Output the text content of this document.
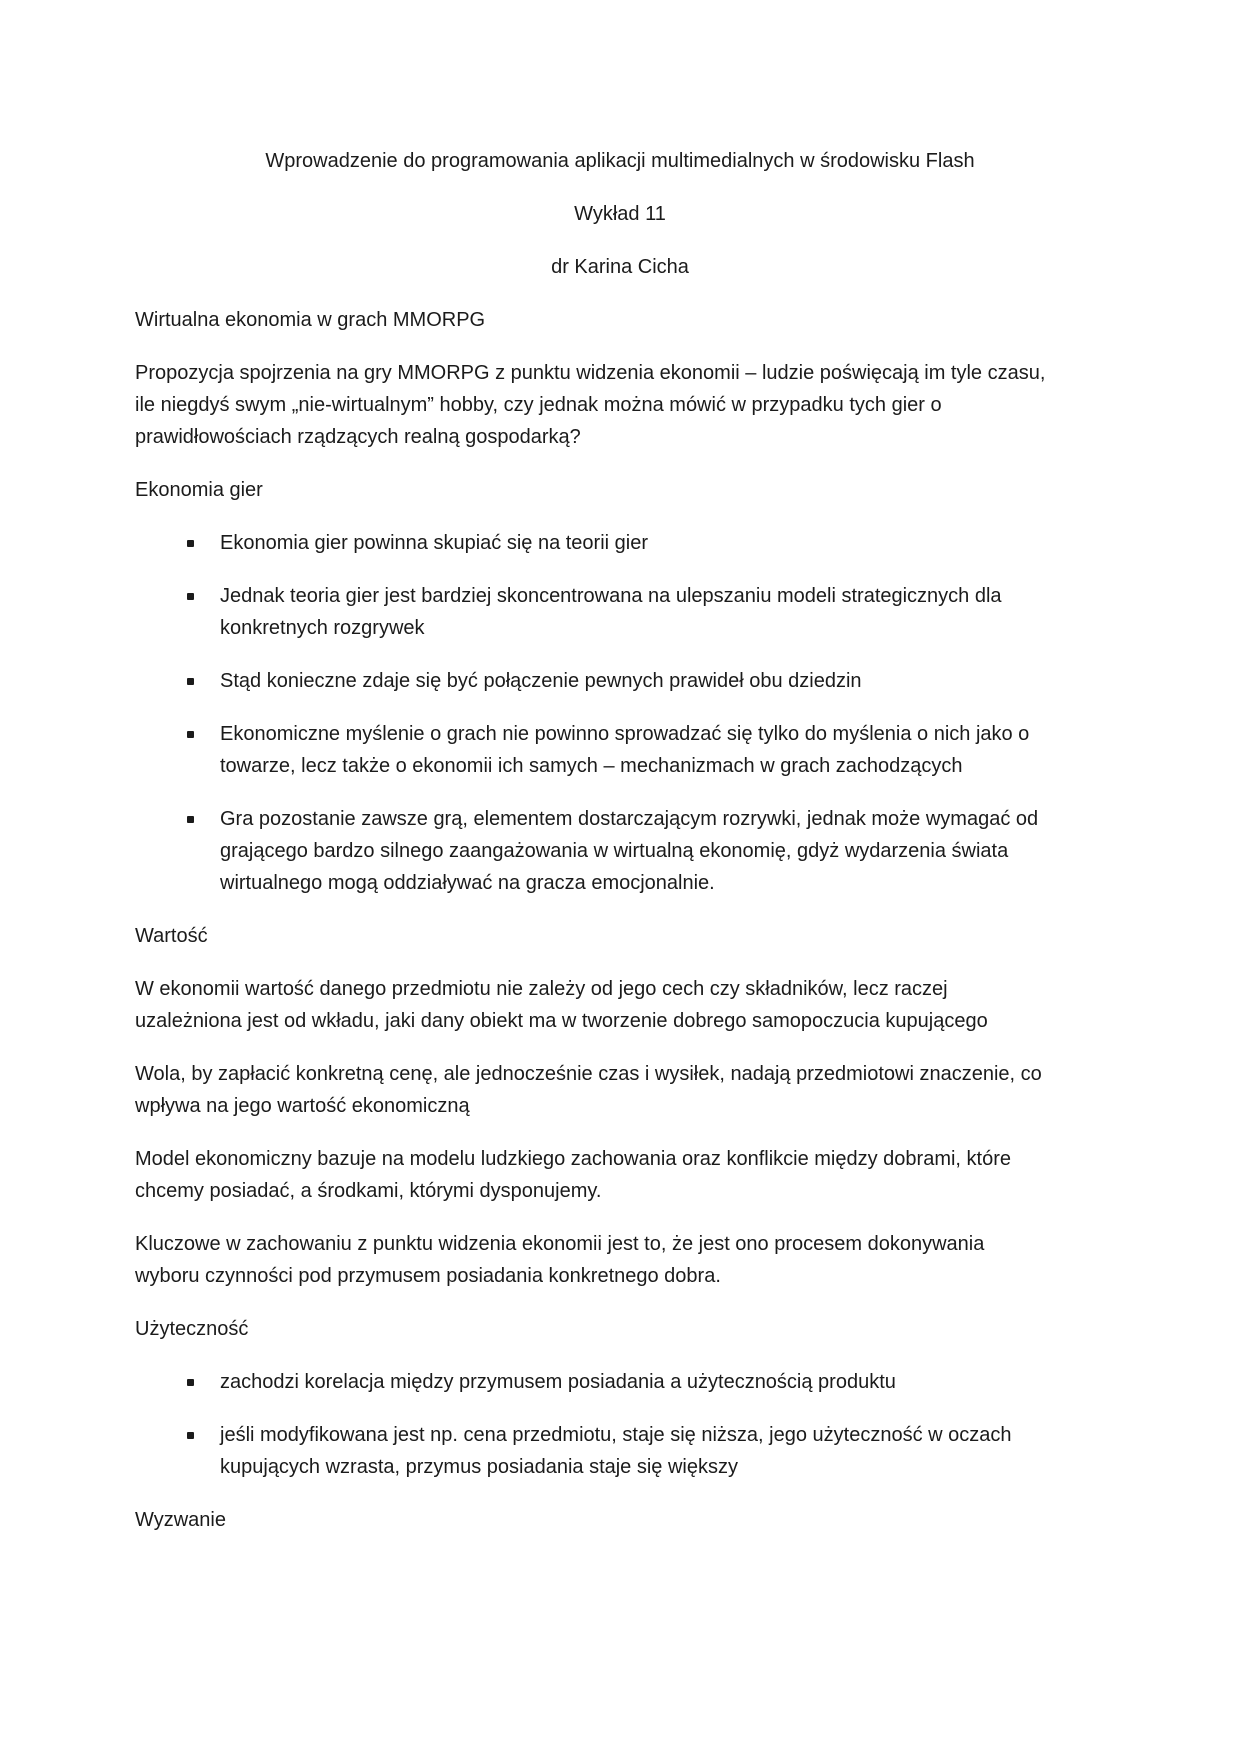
Wprowadzenie do programowania aplikacji multimedialnych w środowisku Flash
Wykład 11
dr Karina Cicha
Wirtualna ekonomia w grach MMORPG
Propozycja spojrzenia na gry MMORPG z punktu widzenia ekonomii – ludzie poświęcają im tyle czasu,
ile niegdyś swym „nie-wirtualnym” hobby, czy jednak można mówić w przypadku tych gier o
prawidłowościach rządzących realną gospodarką?
Ekonomia gier
Ekonomia gier powinna skupiać się na teorii gier
Jednak teoria gier jest bardziej skoncentrowana na ulepszaniu modeli strategicznych dla
konkretnych rozgrywek
Stąd konieczne zdaje się być połączenie pewnych prawideł obu dziedzin
Ekonomiczne myślenie o grach nie powinno sprowadzać się tylko do myślenia o nich jako o
towarze, lecz także o ekonomii ich samych – mechanizmach w grach zachodzących
Gra pozostanie zawsze grą, elementem dostarczającym rozrywki, jednak może wymagać od
grającego bardzo silnego zaangażowania w wirtualną ekonomię, gdyż wydarzenia świata
wirtualnego mogą oddziaływać na gracza emocjonalnie.
Wartość
W ekonomii wartość danego przedmiotu nie zależy od jego cech czy składników, lecz raczej
uzależniona jest od wkładu, jaki dany obiekt ma w tworzenie dobrego samopoczucia kupującego
Wola, by zapłacić konkretną cenę, ale jednocześnie czas i wysiłek, nadają przedmiotowi znaczenie, co
wpływa na jego wartość ekonomiczną
Model ekonomiczny bazuje na modelu ludzkiego zachowania oraz konflikcie między dobrami, które
chcemy posiadać, a środkami, którymi dysponujemy.
Kluczowe w zachowaniu z punktu widzenia ekonomii jest to, że jest ono procesem dokonywania
wyboru czynności pod przymusem posiadania konkretnego dobra.
Użyteczność
zachodzi korelacja między przymusem posiadania a użytecznością produktu
jeśli modyfikowana jest np. cena przedmiotu, staje się niższa, jego użyteczność w oczach
kupujących wzrasta, przymus posiadania staje się większy
Wyzwanie
